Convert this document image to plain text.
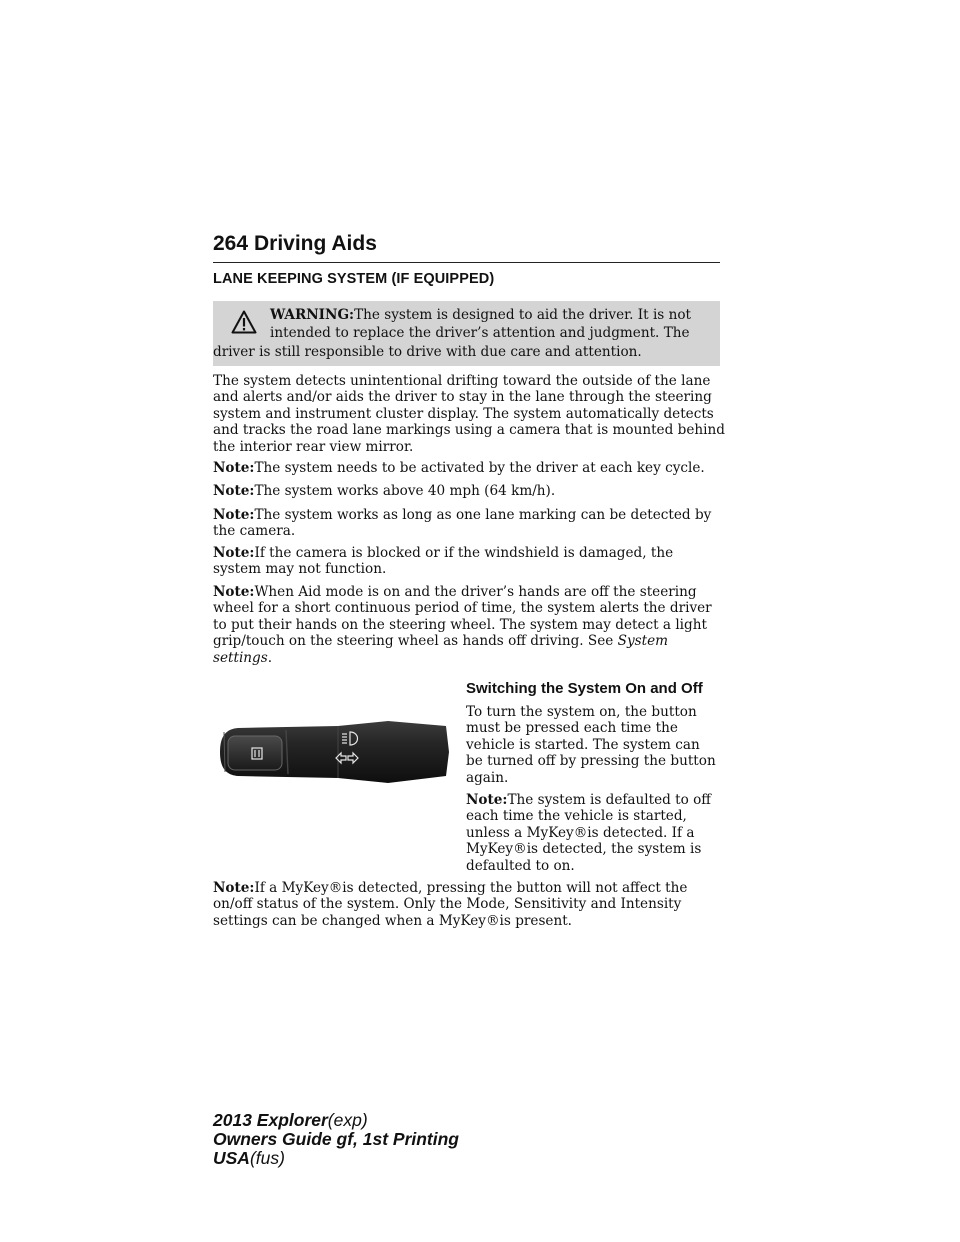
264 Driving Aids
LANE KEEPING SYSTEM (IF EQUIPPED)
WARNING:The system is designed to aid the driver. It is not
intended to replace the driver’s attention and judgment. The
driver is still responsible to drive with due care and attention.
The system detects unintentional drifting toward the outside of the lane
and alerts and/or aids the driver to stay in the lane through the steering
system and instrument cluster display. The system automatically detects
and tracks the road lane markings using a camera that is mounted behind
the interior rear view mirror.
Note:The system needs to be activated by the driver at each key cycle.
Note:The system works above 40 mph (64 km/h).
Note:The system works as long as one lane marking can be detected by
the camera.
Note:If the camera is blocked or if the windshield is damaged, the
system may not function.
Note:When Aid mode is on and the driver’s hands are off the steering
wheel for a short continuous period of time, the system alerts the driver
to put their hands on the steering wheel. The system may detect a light
grip/touch on the steering wheel as hands off driving. See System
settings.
Switching the System On and Off
To turn the system on, the button
must be pressed each time the
vehicle is started. The system can
be turned off by pressing the button
again.
Note:The system is defaulted to off
each time the vehicle is started,
unless a MyKey®is detected. If a
MyKey®is detected, the system is
defaulted to on.
Note:If a MyKey®is detected, pressing the button will not affect the
on/off status of the system. Only the Mode, Sensitivity and Intensity
settings can be changed when a MyKey®is present.
2013 Explorer(exp)
Owners Guide gf, 1st Printing
USA(fus)
